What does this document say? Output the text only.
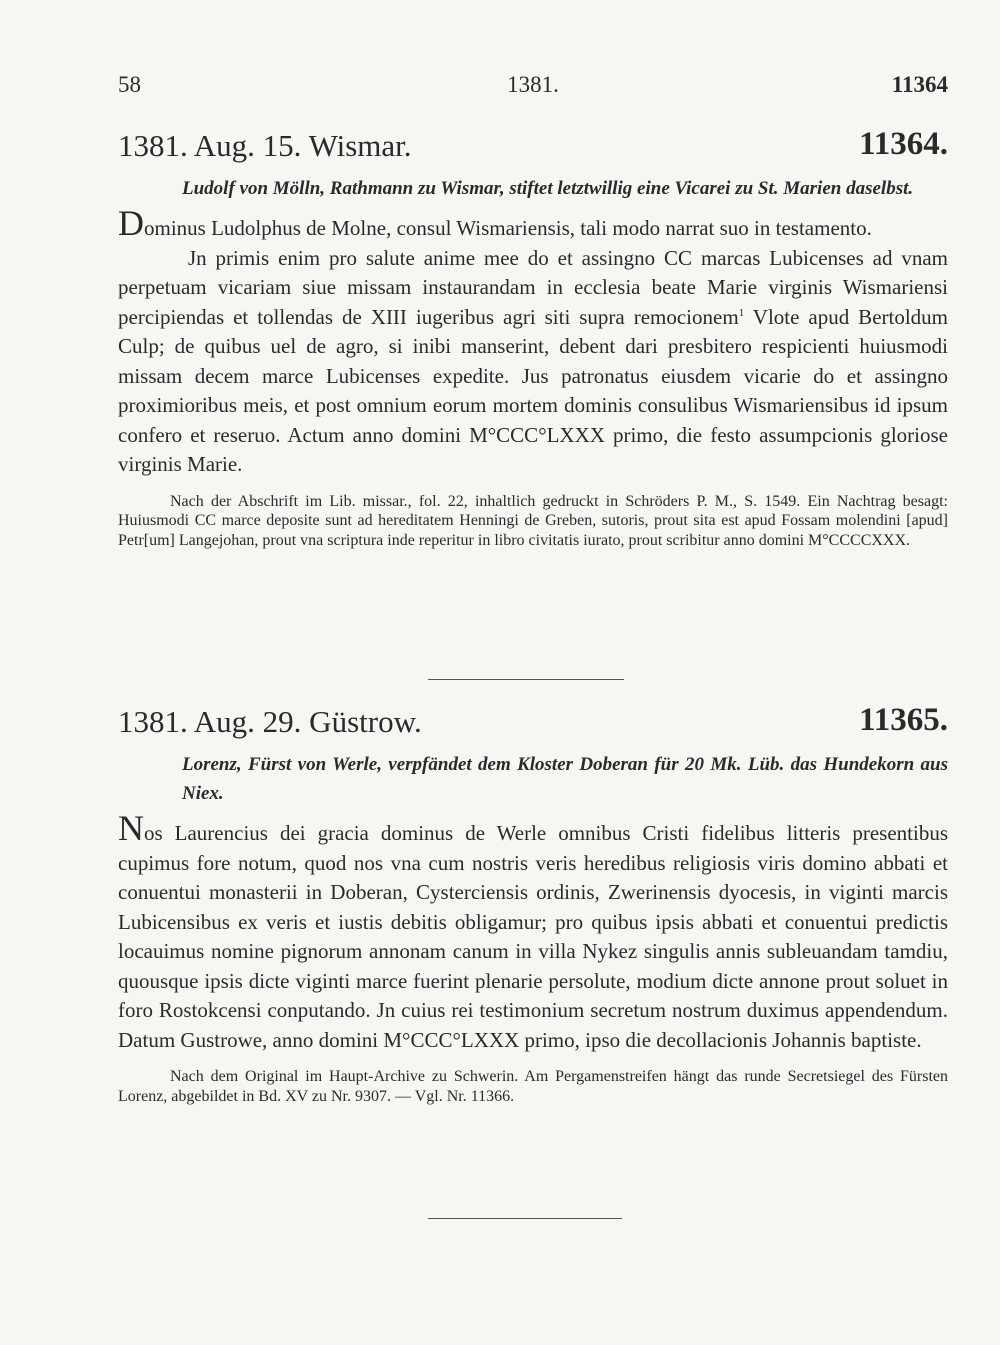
58	1381.	11364
1381. Aug. 15. Wismar.	11364.
Ludolf von Mölln, Rathmann zu Wismar, stiftet letztwillig eine Vicarei zu St. Marien daselbst.

Dominus Ludolphus de Molne, consul Wismariensis, tali modo narrat suo in testamento.

Jn primis enim pro salute anime mee do et assingno CC marcas Lubicenses ad vnam perpetuam vicariam siue missam instaurandam in ecclesia beate Marie virginis Wismariensi percipiendas et tollendas de XIII iugeribus agri siti supra remocionem$^1$ Vlote apud Bertoldum Culp; de quibus uel de agro, si inibi manserint, debent dari presbitero respicienti huiusmodi missam decem marce Lubicenses expedite. Jus patronatus eiusdem vicarie do et assingno proximioribus meis, et post omnium eorum mortem dominis consulibus Wismariensibus id ipsum confero et reseruo. Actum anno domini M°CCC°LXXX primo, die festo assumpcionis gloriose virginis Marie.

Nach der Abschrift im Lib. missar., fol. 22, inhaltlich gedruckt in Schröders P. M., S. 1549. Ein Nachtrag besagt: Huiusmodi CC marce deposite sunt ad hereditatem Henningi de Greben, sutoris, prout sita est apud Fossam molendini [apud] Petr[um] Langejohan, prout vna scriptura inde reperitur in libro civitatis iurato, prout scribitur anno domini M°CCCCXXX.

1381. Aug. 29. Güstrow.	11365.
Lorenz, Fürst von Werle, verpfändet dem Kloster Doberan für 20 Mk. Lüb. das Hundekorn aus Niex.

Nos Laurencius dei gracia dominus de Werle omnibus Cristi fidelibus litteris presentibus cupimus fore notum, quod nos vna cum nostris veris heredibus religiosis viris domino abbati et conuentui monasterii in Doberan, Cysterciensis ordinis, Zwerinensis dyocesis, in viginti marcis Lubicensibus ex veris et iustis debitis obligamur; pro quibus ipsis abbati et conuentui predictis locauimus nomine pignorum annonam canum in villa Nykez singulis annis subleuandam tamdiu, quousque ipsis dicte viginti marce fuerint plenarie persolute, modium dicte annone prout soluet in foro Rostokcensi conputando. Jn cuius rei testimonium secretum nostrum duximus appendendum. Datum Gustrowe, anno domini M°CCC°LXXX primo, ipso die decollacionis Johannis baptiste.

Nach dem Original im Haupt-Archive zu Schwerin. Am Pergamenstreifen hängt das runde Secretsiegel des Fürsten Lorenz, abgebildet in Bd. XV zu Nr. 9307. — Vgl. Nr. 11366.
